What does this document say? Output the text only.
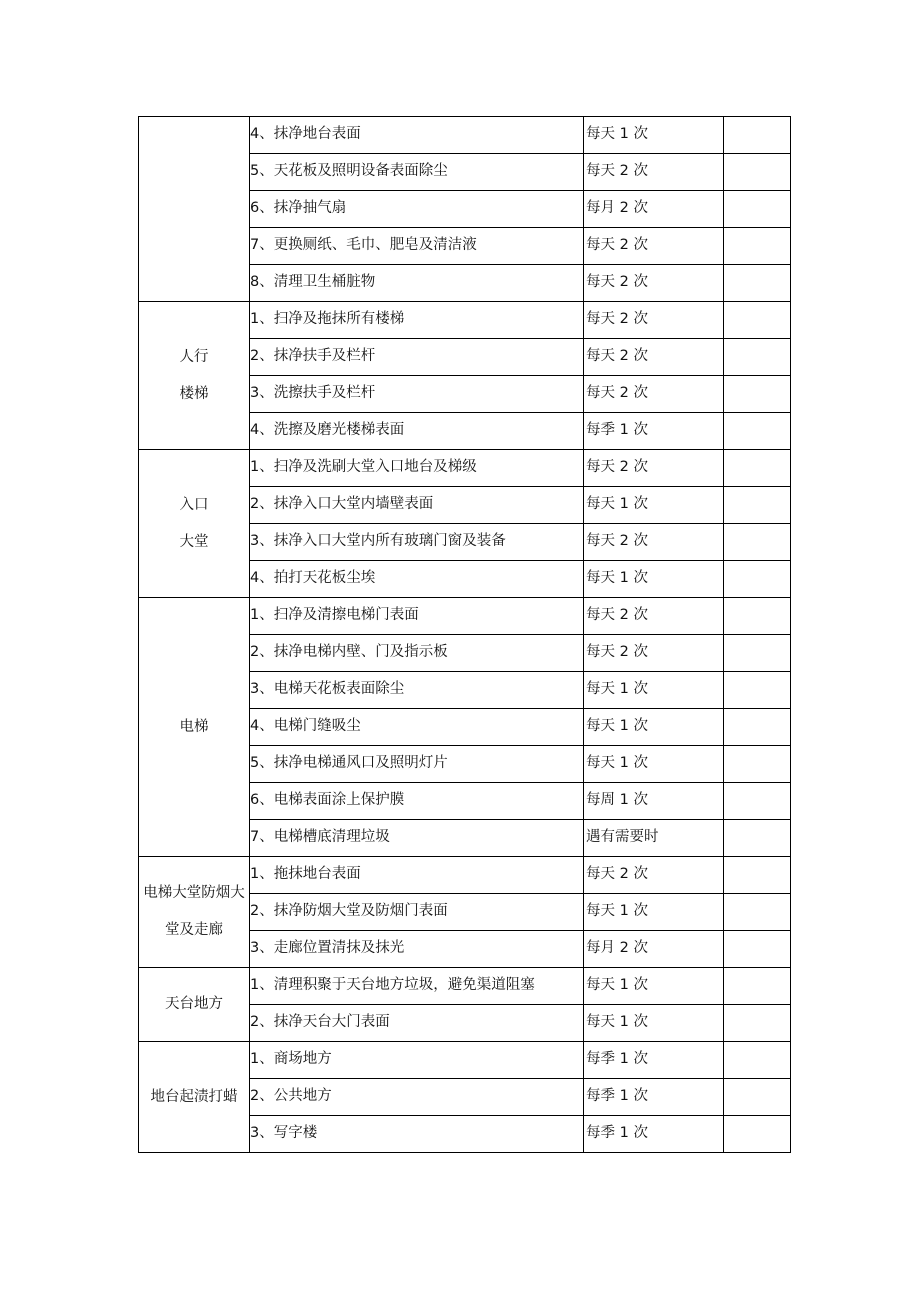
	4、抹净地台表面	每天 1 次	
	5、天花板及照明设备表面除尘	每天 2 次	
	6、抹净抽气扇	每月 2 次	
	7、更换厕纸、毛巾、肥皂及清洁液	每天 2 次	
	8、清理卫生桶脏物	每天 2 次	

人行
楼梯	1、扫净及拖抹所有楼梯	每天 2 次	
	2、抹净扶手及栏杆	每天 2 次	
	3、洗擦扶手及栏杆	每天 2 次	
	4、洗擦及磨光楼梯表面	每季 1 次	

入口
大堂	1、扫净及洗刷大堂入口地台及梯级	每天 2 次	
	2、抹净入口大堂内墙壁表面	每天 1 次	
	3、抹净入口大堂内所有玻璃门窗及装备	每天 2 次	
	4、拍打天花板尘埃	每天 1 次	

电梯	1、扫净及清擦电梯门表面	每天 2 次	
	2、抹净电梯内壁、门及指示板	每天 2 次	
	3、电梯天花板表面除尘	每天 1 次	
	4、电梯门缝吸尘	每天 1 次	
	5、抹净电梯通风口及照明灯片	每天 1 次	
	6、电梯表面涂上保护膜	每周 1 次	
	7、电梯槽底清理垃圾	遇有需要时	

电梯大堂防烟大
堂及走廊	1、拖抹地台表面	每天 2 次	
	2、抹净防烟大堂及防烟门表面	每天 1 次	
	3、走廊位置清抹及抹光	每月 2 次	

天台地方	1、清理积聚于天台地方垃圾，避免渠道阻塞	每天 1 次	
	2、抹净天台大门表面	每天 1 次	

地台起渍打蜡	1、商场地方	每季 1 次	
	2、公共地方	每季 1 次	
	3、写字楼	每季 1 次	
